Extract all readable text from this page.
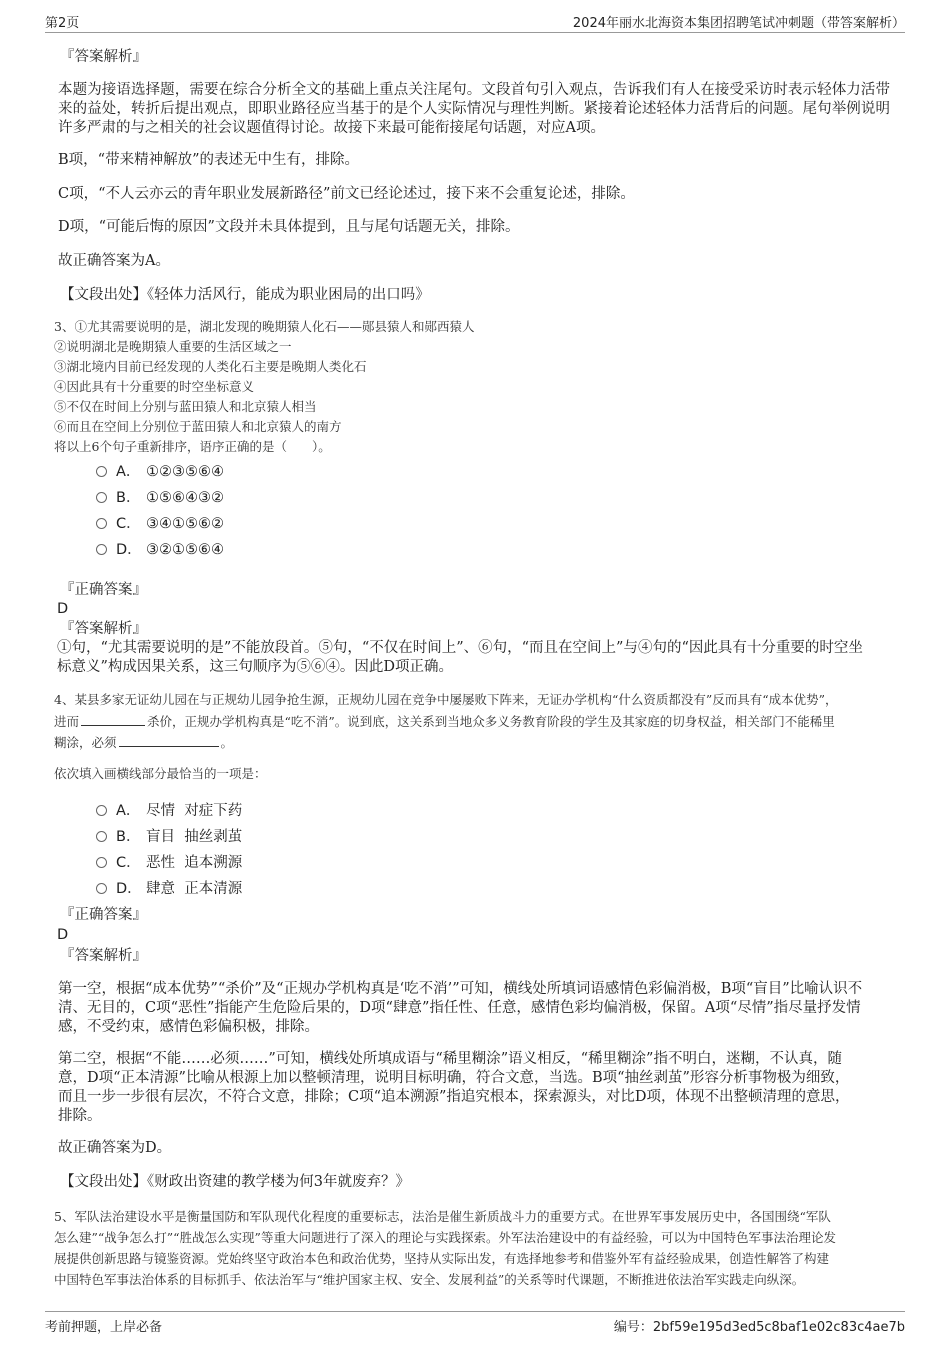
第2页	2024年丽水北海资本集团招聘笔试冲刺题（带答案解析）
『答案解析』
本题为接语选择题，需要在综合分析全文的基础上重点关注尾句。文段首句引入观点，告诉我们有人在接受采访时表示轻体力活带来的益处，转折后提出观点，即职业路径应当基于的是个人实际情况与理性判断。紧接着论述轻体力活背后的问题。尾句举例说明许多严肃的与之相关的社会议题值得讨论。故接下来最可能衔接尾句话题，对应A项。
B项，“带来精神解放”的表述无中生有，排除。
C项，“不人云亦云的青年职业发展新路径”前文已经论述过，接下来不会重复论述，排除。
D项，“可能后悔的原因”文段并未具体提到，且与尾句话题无关，排除。
故正确答案为A。
【文段出处】《轻体力活风行，能成为职业困局的出口吗》
3、①尤其需要说明的是，湖北发现的晚期猿人化石——郧县猿人和郧西猿人
②说明湖北是晚期猿人重要的生活区域之一
③湖北境内目前已经发现的人类化石主要是晚期人类化石
④因此具有十分重要的时空坐标意义
⑤不仅在时间上分别与蓝田猿人和北京猿人相当
⑥而且在空间上分别位于蓝田猿人和北京猿人的南方
将以上6个句子重新排序，语序正确的是（　　）。
A． ①②③⑤⑥④
B． ①⑤⑥④③②
C． ③④①⑤⑥②
D． ③②①⑤⑥④
『正确答案』
D
『答案解析』
①句，“尤其需要说明的是”不能放段首。⑤句，“不仅在时间上”、⑥句，“而且在空间上”与④句的“因此具有十分重要的时空坐
标意义”构成因果关系，这三句顺序为⑤⑥④。因此D项正确。
4、某县多家无证幼儿园在与正规幼儿园争抢生源，正规幼儿园在竞争中屡屡败下阵来，无证办学机构“什么资质都没有”反而具有“成本优势”，
进而	杀价，正规办学机构真是“吃不消”。说到底，这关系到当地众多义务教育阶段的学生及其家庭的切身权益，相关部门不能稀里
糊涂，必须	。
依次填入画横线部分最恰当的一项是：
A． 尽情  对症下药
B． 盲目  抽丝剥茧
C． 恶性  追本溯源
D． 肆意  正本清源
『正确答案』
D
『答案解析』
第一空，根据“成本优势”“杀价”及“正规办学机构真是‘吃不消’”可知，横线处所填词语感情色彩偏消极，B项“盲目”比喻认识不
清、无目的，C项“恶性”指能产生危险后果的，D项“肆意”指任性、任意，感情色彩均偏消极，保留。A项“尽情”指尽量抒发情
感，不受约束，感情色彩偏积极，排除。
第二空，根据“不能……必须……”可知，横线处所填成语与“稀里糊涂”语义相反，“稀里糊涂”指不明白，迷糊，不认真，随
意，D项“正本清源”比喻从根源上加以整顿清理，说明目标明确，符合文意，当选。B项“抽丝剥茧”形容分析事物极为细致，
而且一步一步很有层次，不符合文意，排除；C项“追本溯源”指追究根本，探索源头，对比D项，体现不出整顿清理的意思，
排除。
故正确答案为D。
【文段出处】《财政出资建的教学楼为何3年就废弃？》
5、军队法治建设水平是衡量国防和军队现代化程度的重要标志，法治是催生新质战斗力的重要方式。在世界军事发展历史中，各国围绕“军队
怎么建”“战争怎么打”“胜战怎么实现”等重大问题进行了深入的理论与实践探索。外军法治建设中的有益经验，可以为中国特色军事法治理论发
展提供创新思路与镜鉴资源。党始终坚守政治本色和政治优势，坚持从实际出发，有选择地参考和借鉴外军有益经验成果，创造性解答了构建
中国特色军事法治体系的目标抓手、依法治军与“维护国家主权、安全、发展利益”的关系等时代课题，不断推进依法治军实践走向纵深。
考前押题，上岸必备	编号：2bf59e195d3ed5c8baf1e02c83c4ae7b
